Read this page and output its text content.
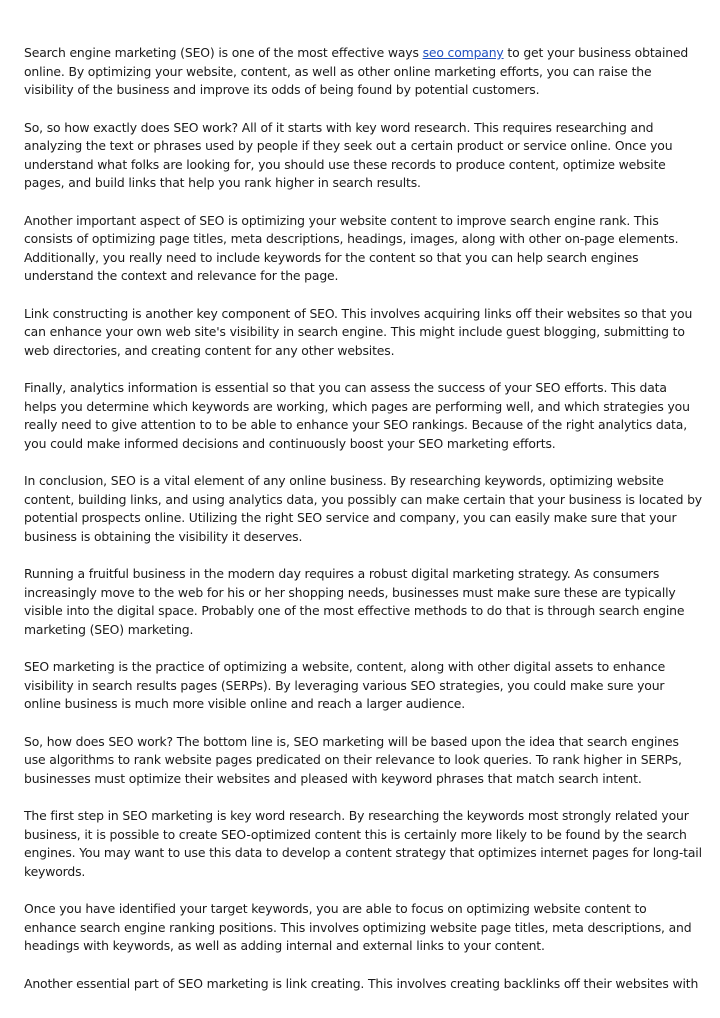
Search engine marketing (SEO) is one of the most effective ways seo company to get your business obtained online. By optimizing your website, content, as well as other online marketing efforts, you can raise the visibility of the business and improve its odds of being found by potential customers.

So, so how exactly does SEO work? All of it starts with key word research. This requires researching and analyzing the text or phrases used by people if they seek out a certain product or service online. Once you understand what folks are looking for, you should use these records to produce content, optimize website pages, and build links that help you rank higher in search results.

Another important aspect of SEO is optimizing your website content to improve search engine rank. This consists of optimizing page titles, meta descriptions, headings, images, along with other on-page elements. Additionally, you really need to include keywords for the content so that you can help search engines understand the context and relevance for the page.

Link constructing is another key component of SEO. This involves acquiring links off their websites so that you can enhance your own web site's visibility in search engine. This might include guest blogging, submitting to web directories, and creating content for any other websites.

Finally, analytics information is essential so that you can assess the success of your SEO efforts. This data helps you determine which keywords are working, which pages are performing well, and which strategies you really need to give attention to to be able to enhance your SEO rankings. Because of the right analytics data, you could make informed decisions and continuously boost your SEO marketing efforts.

In conclusion, SEO is a vital element of any online business. By researching keywords, optimizing website content, building links, and using analytics data, you possibly can make certain that your business is located by potential prospects online. Utilizing the right SEO service and company, you can easily make sure that your business is obtaining the visibility it deserves.

Running a fruitful business in the modern day requires a robust digital marketing strategy. As consumers increasingly move to the web for his or her shopping needs, businesses must make sure these are typically visible into the digital space. Probably one of the most effective methods to do that is through search engine marketing (SEO) marketing.

SEO marketing is the practice of optimizing a website, content, along with other digital assets to enhance visibility in search results pages (SERPs). By leveraging various SEO strategies, you could make sure your online business is much more visible online and reach a larger audience.

So, how does SEO work? The bottom line is, SEO marketing will be based upon the idea that search engines use algorithms to rank website pages predicated on their relevance to look queries. To rank higher in SERPs, businesses must optimize their websites and pleased with keyword phrases that match search intent.

The first step in SEO marketing is key word research. By researching the keywords most strongly related your business, it is possible to create SEO-optimized content this is certainly more likely to be found by the search engines. You may want to use this data to develop a content strategy that optimizes internet pages for long-tail keywords.

Once you have identified your target keywords, you are able to focus on optimizing website content to enhance search engine ranking positions. This involves optimizing website page titles, meta descriptions, and headings with keywords, as well as adding internal and external links to your content.

Another essential part of SEO marketing is link creating. This involves creating backlinks off their websites with
